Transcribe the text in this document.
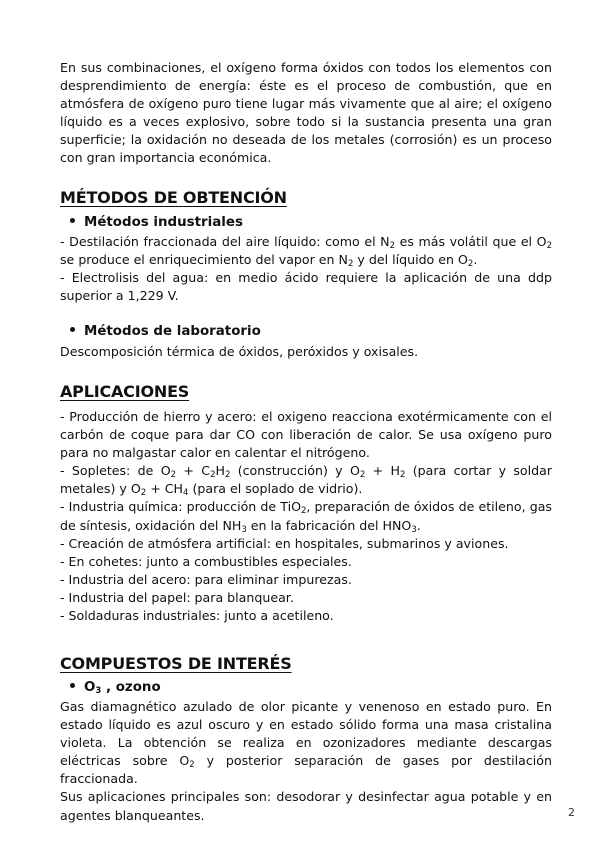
En sus combinaciones, el oxígeno forma óxidos con todos los elementos con desprendimiento de energía: éste es el proceso de combustión, que en atmósfera de oxígeno puro tiene lugar más vivamente que al aire; el oxígeno líquido es a veces explosivo, sobre todo si la sustancia presenta una gran superficie; la oxidación no deseada de los metales (corrosión) es un proceso con gran importancia económica.

MÉTODOS DE OBTENCIÓN
Métodos industriales

- Destilación fraccionada del aire líquido: como el $N_2$ es más volátil que el $O_2$ se produce el enriquecimiento del vapor en $N_2$ y del líquido en $O_2$.

- Electrolisis del agua: en medio ácido requiere la aplicación de una ddp superior a 1,229 V.

Métodos de laboratorio

Descomposición térmica de óxidos, peróxidos y oxisales.

APLICACIONES

- Producción de hierro y acero: el oxigeno reacciona exotérmicamente con el carbón de coque para dar CO con liberación de calor. Se usa oxígeno puro para no malgastar calor en calentar el nitrógeno.

- Sopletes: de $O_2 + C_2H_2$ (construcción) y $O_2 + H_2$ (para cortar y soldar metales) y $O_2 + CH_4$ (para el soplado de vidrio).

- Industria química: producción de TiO$_2$, preparación de óxidos de etileno, gas de síntesis, oxidación del $NH_3$ en la fabricación del $HNO_3$.

- Creación de atmósfera artificial: en hospitales, submarinos y aviones.

- En cohetes: junto a combustibles especiales.

- Industria del acero: para eliminar impurezas.

- Industria del papel: para blanquear.

- Soldaduras industriales: junto a acetileno.

COMPUESTOS DE INTERÉS
$O_3$ , ozono

Gas diamagnético azulado de olor picante y venenoso en estado puro. En estado líquido es azul oscuro y en estado sólido forma una masa cristalina violeta. La obtención se realiza en ozonizadores mediante descargas eléctricas sobre $O_2$ y posterior separación de gases por destilación fraccionada.

Sus aplicaciones principales son: desodorar y desinfectar agua potable y en agentes blanqueantes.	2
